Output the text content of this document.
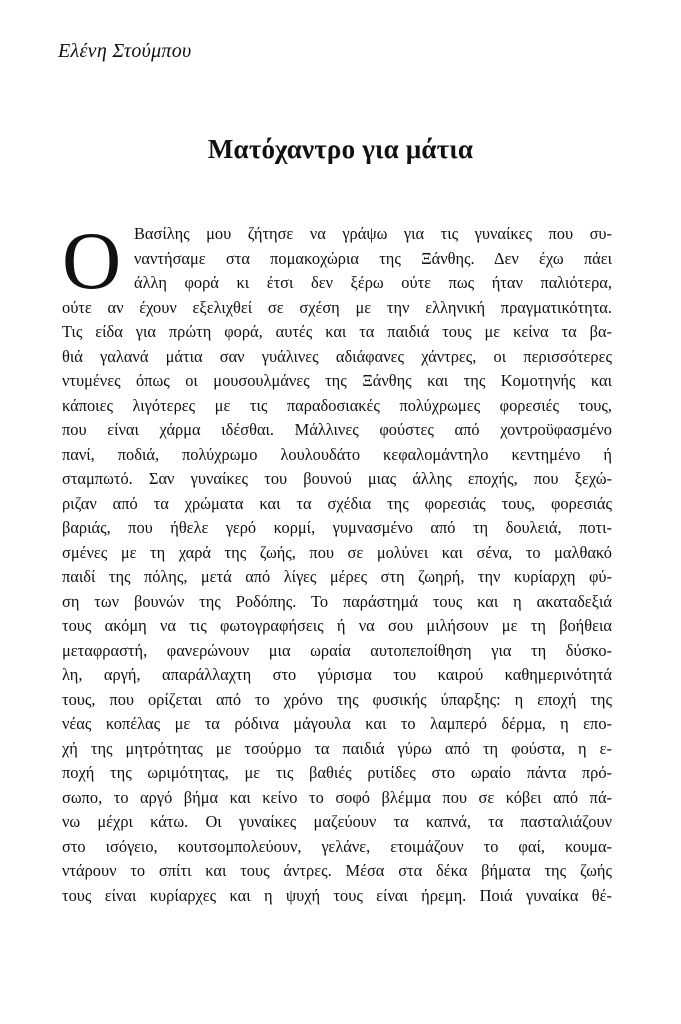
Ελένη Στούμπου
Ματόχαντρο για μάτια
Ο Βασίλης μου ζήτησε να γράψω για τις γυναίκες που συ-
ναντήσαμε στα πομακοχώρια της Ξάνθης. Δεν έχω πάει
άλλη φορά κι έτσι δεν ξέρω ούτε πως ήταν παλιότερα,
ούτε αν έχουν εξελιχθεί σε σχέση με την ελληνική πραγματικότητα.
Τις είδα για πρώτη φορά, αυτές και τα παιδιά τους με κείνα τα βα-
θιά γαλανά μάτια σαν γυάλινες αδιάφανες χάντρες, οι περισσότερες
ντυμένες όπως οι μουσουλμάνες της Ξάνθης και της Κομοτηνής και
κάποιες λιγότερες με τις παραδοσιακές πολύχρωμες φορεσιές τους,
που είναι χάρμα ιδέσθαι. Μάλλινες φούστες από χοντροϋφασμένο
πανί, ποδιά, πολύχρωμο λουλουδάτο κεφαλομάντηλο κεντημένο ή
σταμπωτό. Σαν γυναίκες του βουνού μιας άλλης εποχής, που ξεχώ-
ριζαν από τα χρώματα και τα σχέδια της φορεσιάς τους, φορεσιάς
βαριάς, που ήθελε γερό κορμί, γυμνασμένο από τη δουλειά, ποτι-
σμένες με τη χαρά της ζωής, που σε μολύνει και σένα, το μαλθακό
παιδί της πόλης, μετά από λίγες μέρες στη ζωηρή, την κυρίαρχη φύ-
ση των βουνών της Ροδόπης. Το παράστημά τους και η ακαταδεξιά
τους ακόμη να τις φωτογραφήσεις ή να σου μιλήσουν με τη βοήθεια
μεταφραστή, φανερώνουν μια ωραία αυτοπεποίθηση για τη δύσκο-
λη, αργή, απαράλλαχτη στο γύρισμα του καιρού καθημερινότητά
τους, που ορίζεται από το χρόνο της φυσικής ύπαρξης: η εποχή της
νέας κοπέλας με τα ρόδινα μάγουλα και το λαμπερό δέρμα, η επο-
χή της μητρότητας με τσούρμο τα παιδιά γύρω από τη φούστα, η ε-
ποχή της ωριμότητας, με τις βαθιές ρυτίδες στο ωραίο πάντα πρό-
σωπο, το αργό βήμα και κείνο το σοφό βλέμμα που σε κόβει από πά-
νω μέχρι κάτω. Οι γυναίκες μαζεύουν τα καπνά, τα πασταλιάζουν
στο ισόγειο, κουτσομπολεύουν, γελάνε, ετοιμάζουν το φαί, κουμα-
ντάρουν το σπίτι και τους άντρες. Μέσα στα δέκα βήματα της ζωής
τους είναι κυρίαρχες και η ψυχή τους είναι ήρεμη. Ποιά γυναίκα θέ-
